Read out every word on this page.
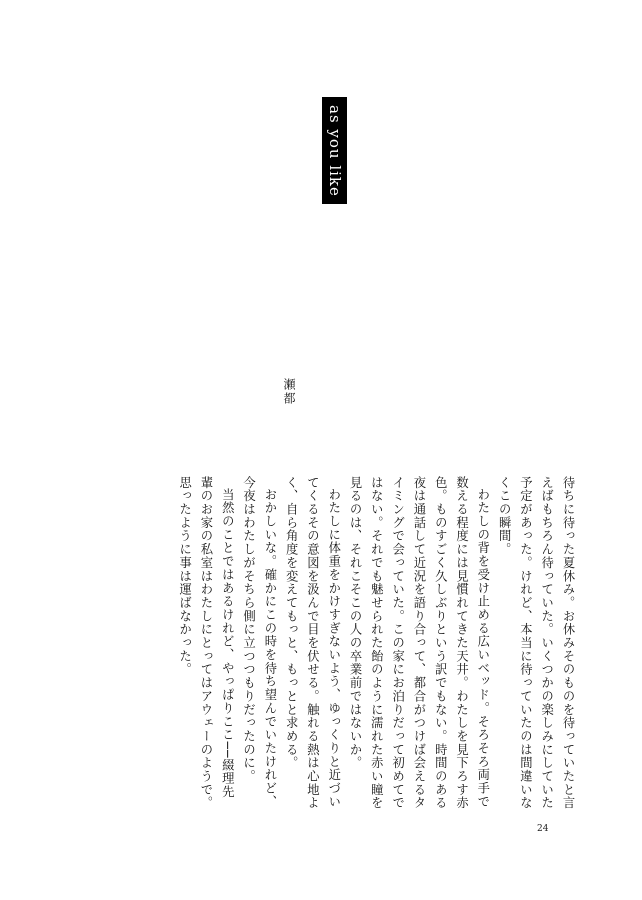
as you like
瀬都

待ちに待った夏休み。お休みそのものを待っていたと言えばもちろん待っていた。いくつかの楽しみにしていた予定があった。けれど、本当に待っていたのは間違いなくこの瞬間。

わたしの背を受け止める広いベッド。そろそろ両手で数える程度には見慣れてきた天井。わたしを見下ろす赤色。ものすごく久しぶりという訳でもない。時間のある夜は通話して近況を語り合って、都合がつけば会えるタイミングで会っていた。この家にお泊りだって初めてではない。それでも魅せられた飴のように濡れた赤い瞳を見るのは、それこそこの人の卒業前ではないか。

わたしに体重をかけすぎないよう、ゆっくりと近づいてくるその意図を汲んで目を伏せる。触れる熱は心地よく、自ら角度を変えてもっと、もっとと求める。

おかしいな。確かにこの時を待ち望んでいたけれど、今夜はわたしがそちら側に立つつもりだったのに。

当然のことではあるけれど、やっぱりここ──綴理先輩のお家の私室はわたしにとってはアウェーのようで。思ったように事は運ばなかった。

24
